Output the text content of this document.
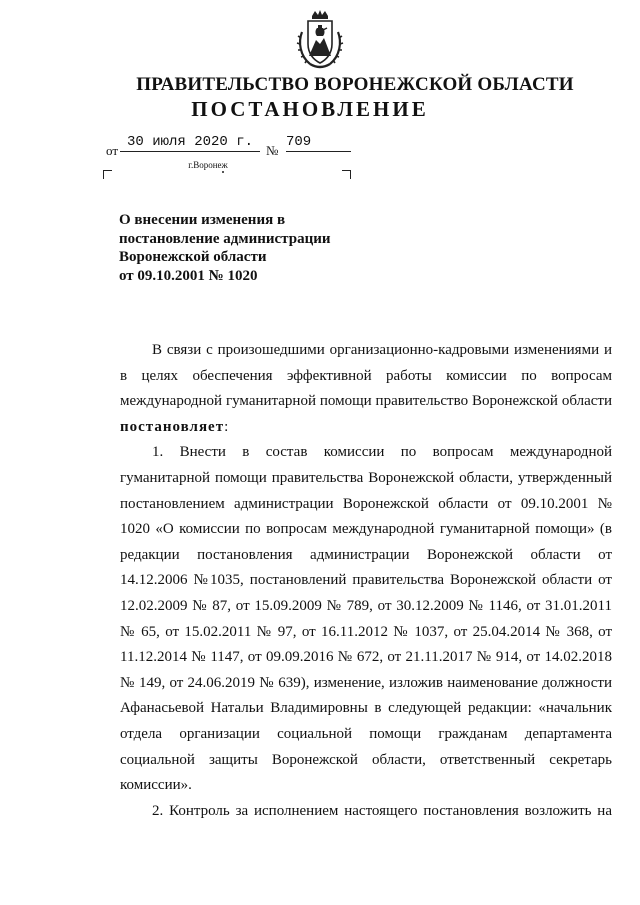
ПРАВИТЕЛЬСТВО ВОРОНЕЖСКОЙ ОБЛАСТИ
ПОСТАНОВЛЕНИЕ
от
30 июля 2020 г.
№
709
г.Воронеж
О внесении изменения в
постановление администрации
Воронежской области
от 09.10.2001 № 1020

В связи с произошедшими организационно-кадровыми изменениями и в целях обеспечения эффективной работы комиссии по вопросам международной гуманитарной помощи правительство Воронежской области постановляет:

1. Внести в состав комиссии по вопросам международной гуманитарной помощи правительства Воронежской области, утвержденный постановлением администрации Воронежской области от 09.10.2001 № 1020 «О комиссии по вопросам международной гуманитарной помощи» (в редакции постановления администрации Воронежской области от 14.12.2006 №1035, постановлений правительства Воронежской области от 12.02.2009 № 87, от 15.09.2009 № 789, от 30.12.2009 № 1146, от 31.01.2011 № 65, от 15.02.2011 № 97, от 16.11.2012 № 1037, от 25.04.2014 № 368, от 11.12.2014 № 1147, от 09.09.2016 № 672, от 21.11.2017 № 914, от 14.02.2018 № 149, от 24.06.2019 № 639), изменение, изложив наименование должности Афанасьевой Натальи Владимировны в следующей редакции: «начальник отдела организации социальной помощи гражданам департамента социальной защиты Воронежской области, ответственный секретарь комиссии».

2. Контроль за исполнением настоящего постановления возложить на
